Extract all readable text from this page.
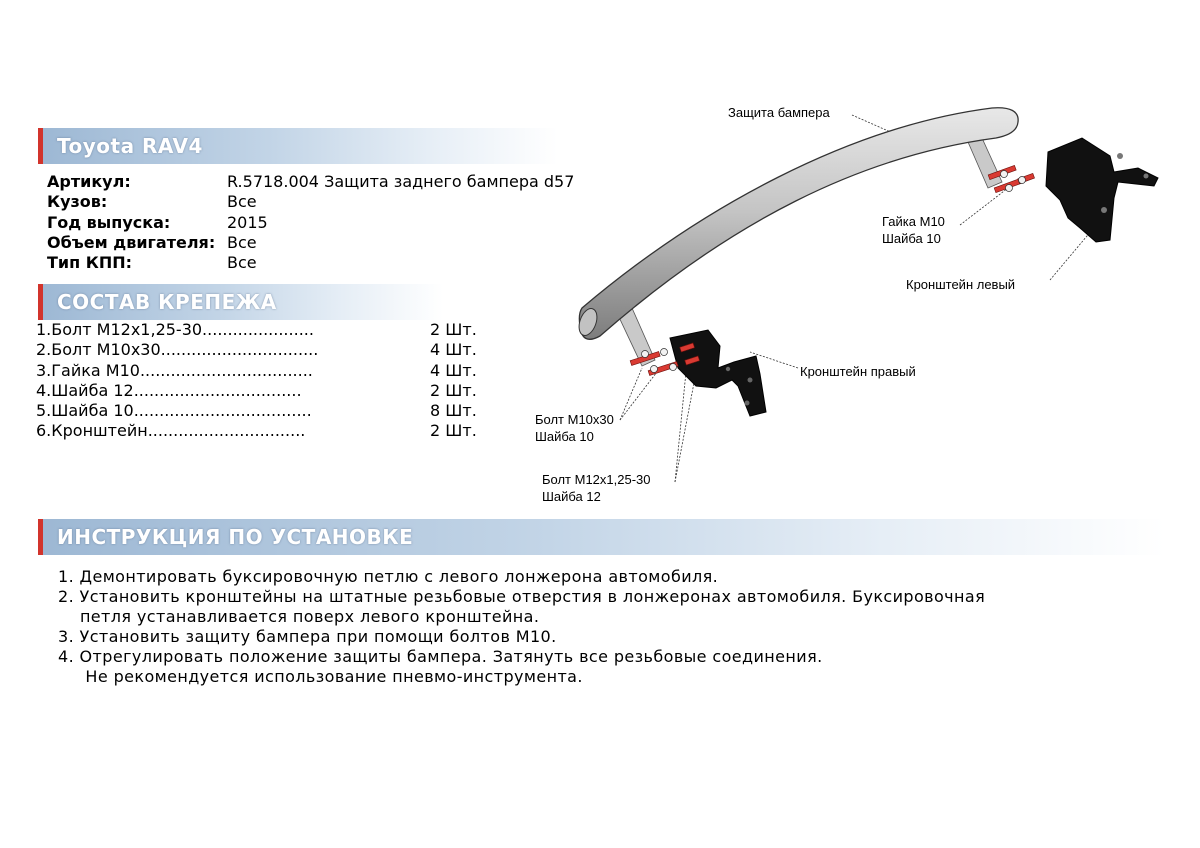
Toyota RAV4
Артикул:	R.5718.004 Защита заднего бампера d57
Кузов:	Все
Год выпуска:	2015
Объем двигателя: Все
Тип КПП:	Все
СОСТАВ КРЕПЕЖА
1.Болт М12х1,25-30......................	2 Шт.
2.Болт М10х30...............................	4 Шт.
3.Гайка М10..................................	4 Шт.
4.Шайба 12.................................	2 Шт.
5.Шайба 10...................................	8 Шт.
6.Кронштейн...............................	2 Шт.
ИНСТРУКЦИЯ ПО УСТАНОВКЕ
1. Демонтировать буксировочную петлю с левого лонжерона автомобиля.
2. Установить кронштейны на штатные резьбовые отверстия в лонжеронах автомобиля. Буксировочная
петля устанавливается поверх левого кронштейна.
3. Установить защиту бампера при помощи болтов М10.
4. Отрегулировать положение защиты бампера. Затянуть все резьбовые соединения.
Не рекомендуется использование пневмо-инструмента.
Защита бампера
Гайка М10
Шайба 10
Кронштейн левый
Кронштейн правый
Болт М10х30
Шайба 10
Болт М12х1,25-30
Шайба 12
